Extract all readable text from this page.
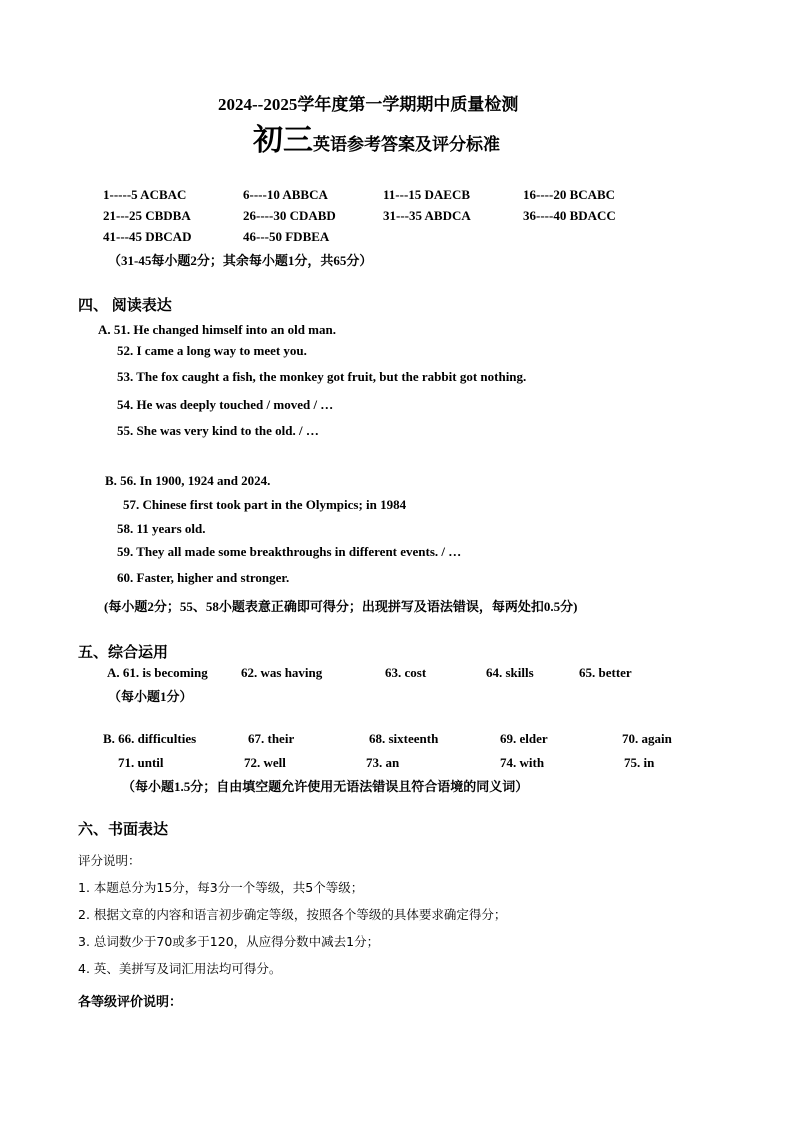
2024--2025学年度第一学期期中质量检测
初三英语参考答案及评分标准
1-----5 ACBAC	6----10 ABBCA	11---15 DAECB	16----20 BCABC
21---25 CBDBA	26----30 CDABD	31---35 ABDCA	36----40 BDACC
41---45 DBCAD	46---50 FDBEA
（31-45每小题2分；其余每小题1分，共65分）
四、 阅读表达
A. 51. He changed himself into an old man.
52. I came a long way to meet you.
53. The fox caught a fish, the monkey got fruit, but the rabbit got nothing.
54. He was deeply touched / moved / …
55. She was very kind to the old. / …
B. 56. In 1900, 1924 and 2024.
57. Chinese first took part in the Olympics; in 1984
58. 11 years old.
59. They all made some breakthroughs in different events. / …
60. Faster, higher and stronger.
(每小题2分；55、58小题表意正确即可得分；出现拼写及语法错误，每两处扣0.5分)
五、综合运用
A. 61. is becoming	62. was having	63. cost	64. skills	65. better
（每小题1分）
B. 66. difficulties	67. their	68. sixteenth	69. elder	70. again
71. until	72. well	73. an	74. with	75. in
（每小题1.5分；自由填空题允许使用无语法错误且符合语境的同义词）
六、书面表达
评分说明：
1. 本题总分为15分，每3分一个等级，共5个等级；
2. 根据文章的内容和语言初步确定等级，按照各个等级的具体要求确定得分；
3. 总词数少于70或多于120，从应得分数中减去1分；
4. 英、美拼写及词汇用法均可得分。
各等级评价说明：
